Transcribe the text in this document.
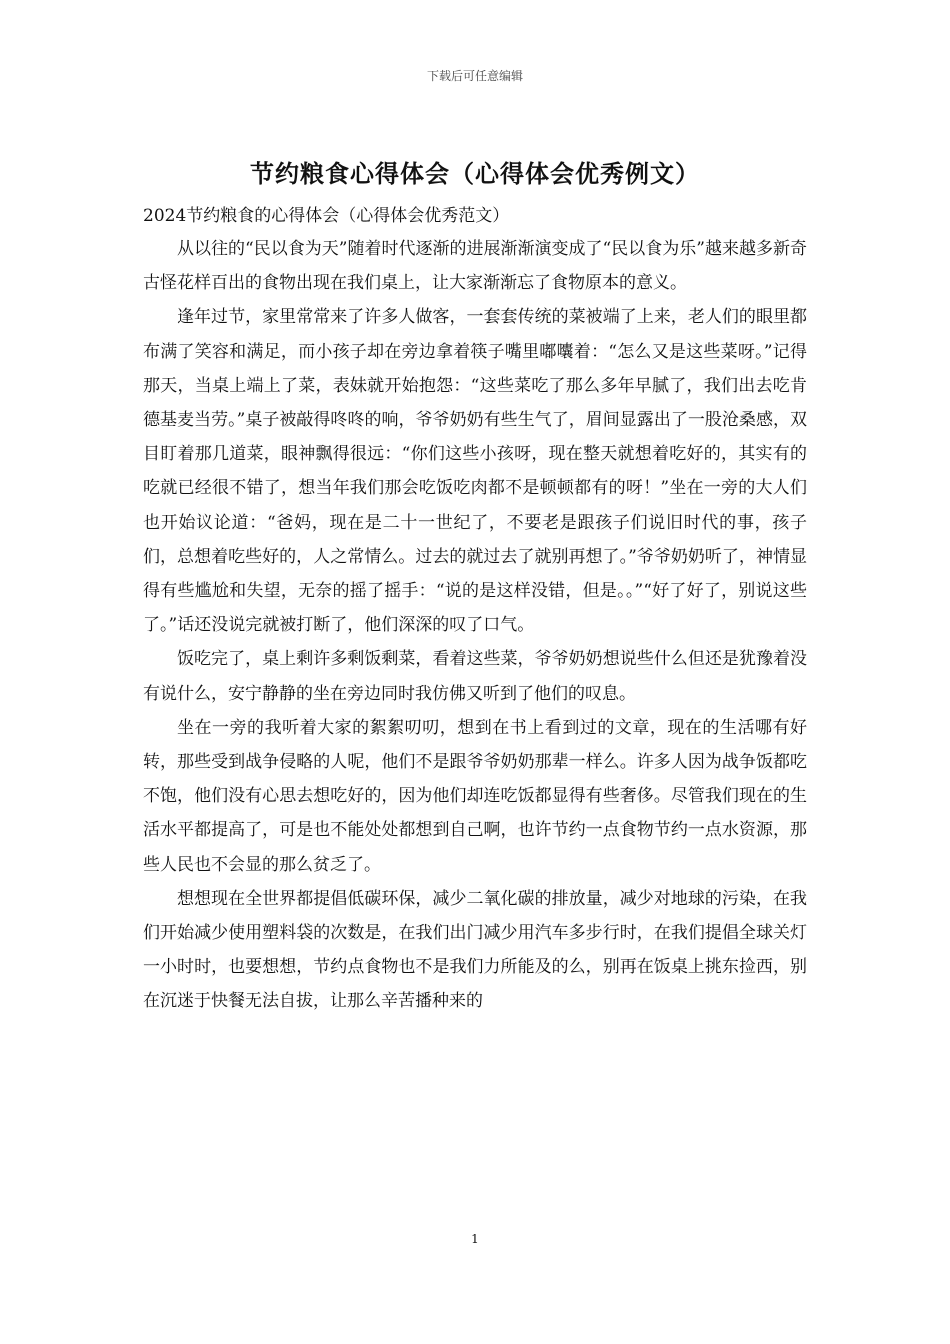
下载后可任意编辑
节约粮食心得体会（心得体会优秀例文）
2024节约粮食的心得体会（心得体会优秀范文）

从以往的“民以食为天”随着时代逐渐的进展渐渐演变成了“民以食为乐”越来越多新奇古怪花样百出的食物出现在我们桌上，让大家渐渐忘了食物原本的意义。

逢年过节，家里常常来了许多人做客，一套套传统的菜被端了上来，老人们的眼里都布满了笑容和满足，而小孩子却在旁边拿着筷子嘴里嘟囔着：“怎么又是这些菜呀。”记得那天，当桌上端上了菜，表妹就开始抱怨：“这些菜吃了那么多年早腻了，我们出去吃肯德基麦当劳。”桌子被敲得咚咚的响，爷爷奶奶有些生气了，眉间显露出了一股沧桑感，双目盯着那几道菜，眼神飘得很远：“你们这些小孩呀，现在整天就想着吃好的，其实有的吃就已经很不错了，想当年我们那会吃饭吃肉都不是顿顿都有的呀！”坐在一旁的大人们也开始议论道：“爸妈，现在是二十一世纪了，不要老是跟孩子们说旧时代的事，孩子们，总想着吃些好的，人之常情么。过去的就过去了就别再想了。”爷爷奶奶听了，神情显得有些尴尬和失望，无奈的摇了摇手：“说的是这样没错，但是。。”“好了好了，别说这些了。”话还没说完就被打断了，他们深深的叹了口气。

饭吃完了，桌上剩许多剩饭剩菜，看着这些菜，爷爷奶奶想说些什么但还是犹豫着没有说什么，安宁静静的坐在旁边同时我仿佛又听到了他们的叹息。

坐在一旁的我听着大家的絮絮叨叨，想到在书上看到过的文章，现在的生活哪有好转，那些受到战争侵略的人呢，他们不是跟爷爷奶奶那辈一样么。许多人因为战争饭都吃不饱，他们没有心思去想吃好的，因为他们却连吃饭都显得有些奢侈。尽管我们现在的生活水平都提高了，可是也不能处处都想到自己啊，也许节约一点食物节约一点水资源，那些人民也不会显的那么贫乏了。

想想现在全世界都提倡低碳环保，减少二氧化碳的排放量，减少对地球的污染，在我们开始减少使用塑料袋的次数是，在我们出门减少用汽车多步行时，在我们提倡全球关灯一小时时，也要想想，节约点食物也不是我们力所能及的么，别再在饭桌上挑东捡西，别在沉迷于快餐无法自拔，让那么辛苦播种来的

1
